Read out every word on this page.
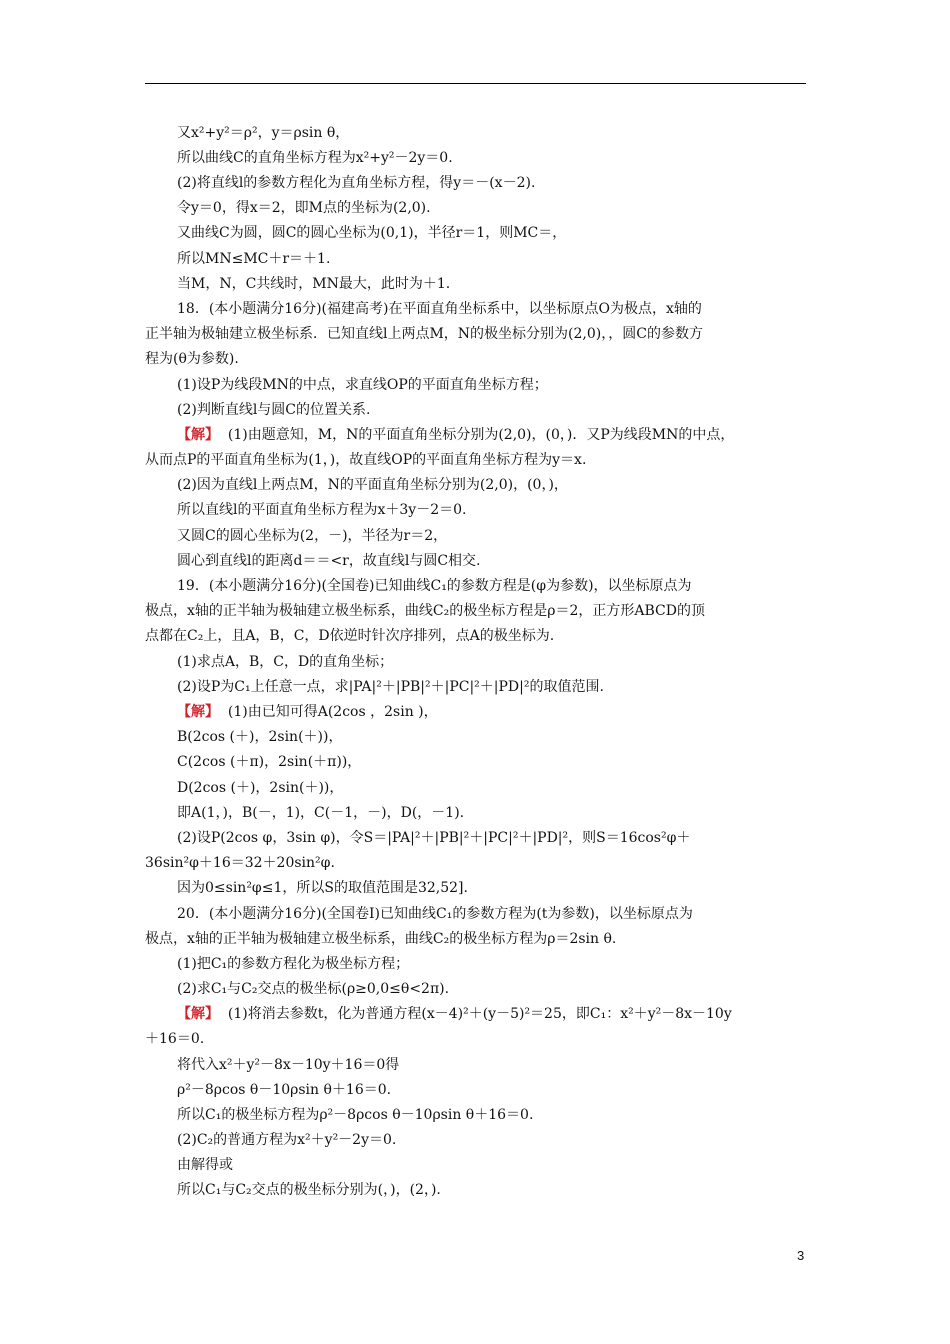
又x²+y²＝ρ²，y＝ρsin θ，
所以曲线C的直角坐标方程为x²+y²－2y＝0.
(2)将直线l的参数方程化为直角坐标方程，得y＝－(x－2).
令y＝0，得x＝2，即M点的坐标为(2,0).
又曲线C为圆，圆C的圆心坐标为(0,1)，半径r＝1，则MC＝，
所以MN≤MC＋r＝＋1.
当M，N，C共线时，MN最大，此时为＋1.
18．(本小题满分16分)(福建高考)在平面直角坐标系中，以坐标原点O为极点，x轴的
正半轴为极轴建立极坐标系．已知直线l上两点M，N的极坐标分别为(2,0)，，圆C的参数方
程为(θ为参数).
(1)设P为线段MN的中点，求直线OP的平面直角坐标方程；
(2)判断直线l与圆C的位置关系.
【解】 (1)由题意知，M，N的平面直角坐标分别为(2,0)，(0，)．又P为线段MN的中点，
从而点P的平面直角坐标为(1，)，故直线OP的平面直角坐标方程为y＝x.
(2)因为直线l上两点M，N的平面直角坐标分别为(2,0)，(0，)，
所以直线l的平面直角坐标方程为x＋3y－2＝0.
又圆C的圆心坐标为(2，－)，半径为r＝2，
圆心到直线l的距离d＝＝<r，故直线l与圆C相交.
19．(本小题满分16分)(全国卷)已知曲线C₁的参数方程是(φ为参数)，以坐标原点为
极点，x轴的正半轴为极轴建立极坐标系，曲线C₂的极坐标方程是ρ＝2，正方形ABCD的顶
点都在C₂上，且A，B，C，D依逆时针次序排列，点A的极坐标为.
(1)求点A，B，C，D的直角坐标；
(2)设P为C₁上任意一点，求|PA|²＋|PB|²＋|PC|²＋|PD|²的取值范围.
【解】 (1)由已知可得A(2cos ，2sin )，
B(2cos (＋)，2sin(＋))，
C(2cos (＋π)，2sin(＋π))，
D(2cos (＋)，2sin(＋))，
即A(1，)，B(－，1)，C(－1，－)，D(，－1).
(2)设P(2cos φ，3sin φ)，令S＝|PA|²＋|PB|²＋|PC|²＋|PD|²，则S＝16cos²φ＋
36sin²φ＋16＝32＋20sin²φ.
因为0≤sin²φ≤1，所以S的取值范围是32,52].
20．(本小题满分16分)(全国卷Ⅰ)已知曲线C₁的参数方程为(t为参数)，以坐标原点为
极点，x轴的正半轴为极轴建立极坐标系，曲线C₂的极坐标方程为ρ＝2sin θ.
(1)把C₁的参数方程化为极坐标方程；
(2)求C₁与C₂交点的极坐标(ρ≥0,0≤θ<2π).
【解】 (1)将消去参数t，化为普通方程(x－4)²＋(y－5)²＝25，即C₁：x²＋y²－8x－10y
＋16＝0.
将代入x²＋y²－8x－10y＋16＝0得
ρ²－8ρcos θ－10ρsin θ＋16＝0.
所以C₁的极坐标方程为ρ²－8ρcos θ－10ρsin θ＋16＝0.
(2)C₂的普通方程为x²＋y²－2y＝0.
由解得或
所以C₁与C₂交点的极坐标分别为(，)，(2，).
3
